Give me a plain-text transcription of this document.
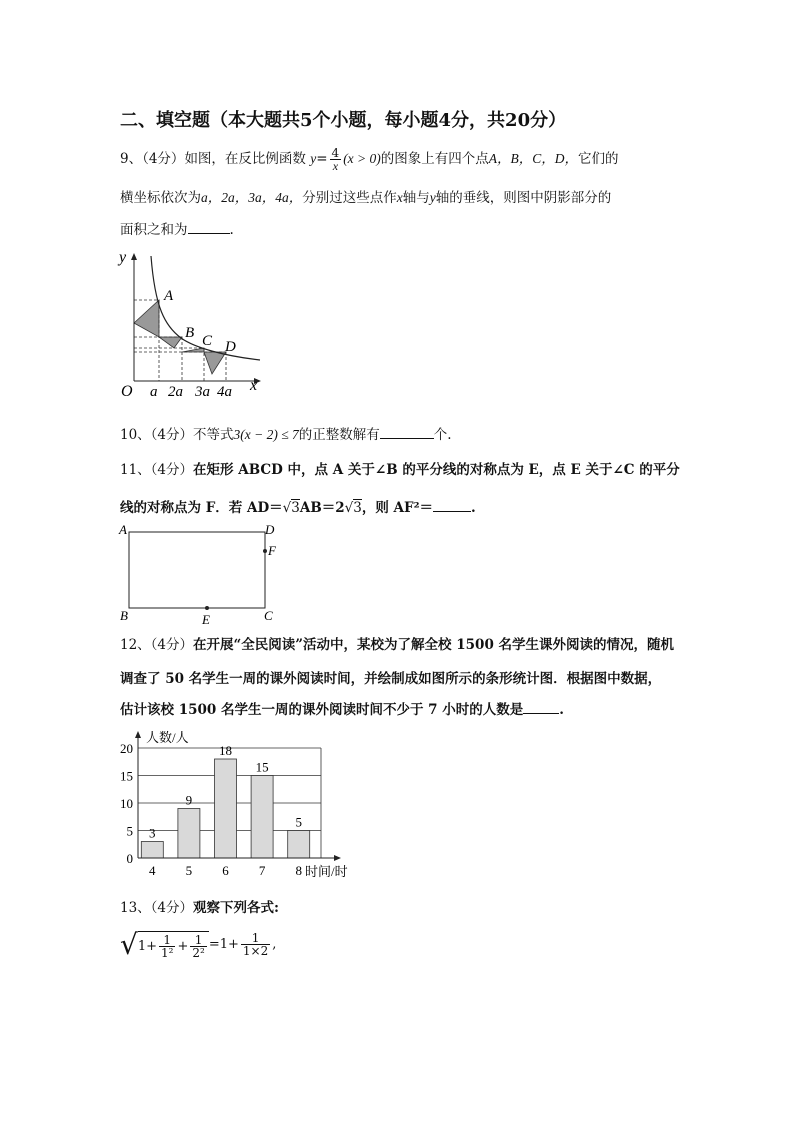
二、填空题（本大题共5个小题，每小题4分，共20分）
9、（4分）如图，在反比例函数 $y= \frac{4}{x} (x > 0)$的图象上有四个点A，B，C，D，它们的
横坐标依次为a，2a，3a，4a，分别过这些点作x轴与y轴的垂线，则图中阴影部分的
面积之和为	.
y
x
O
A
B C D
a 2a 3a 4a
10、（4分）不等式3(x − 2) ≤ 7的正整数解有	个.
11、（4分）在矩形 ABCD 中，点 A 关于∠B 的平分线的对称点为 E，点 E 关于∠C 的平分
线的对称点为 F．若 AD＝√3AB＝2√3，则 AF²＝	.
A	D
F
B	C
E
12、（4分）在开展“全民阅读”活动中，某校为了解全校 1500 名学生课外阅读的情况，随机
调查了 50 名学生一周的课外阅读时间，并绘制成如图所示的条形统计图．根据图中数据，
估计该校 1500 名学生一周的课外阅读时间不少于 7 小时的人数是	.
3
9
18
15
5
0
5
10
15
20
4 5 6 7 8
人数/人
时间/时
13、（4分）观察下列各式:
$√1+ \frac{1}{\text{1²}} + \frac{1}{\text{2²}} =1+ \frac{1}{1\times 2}$ ,
